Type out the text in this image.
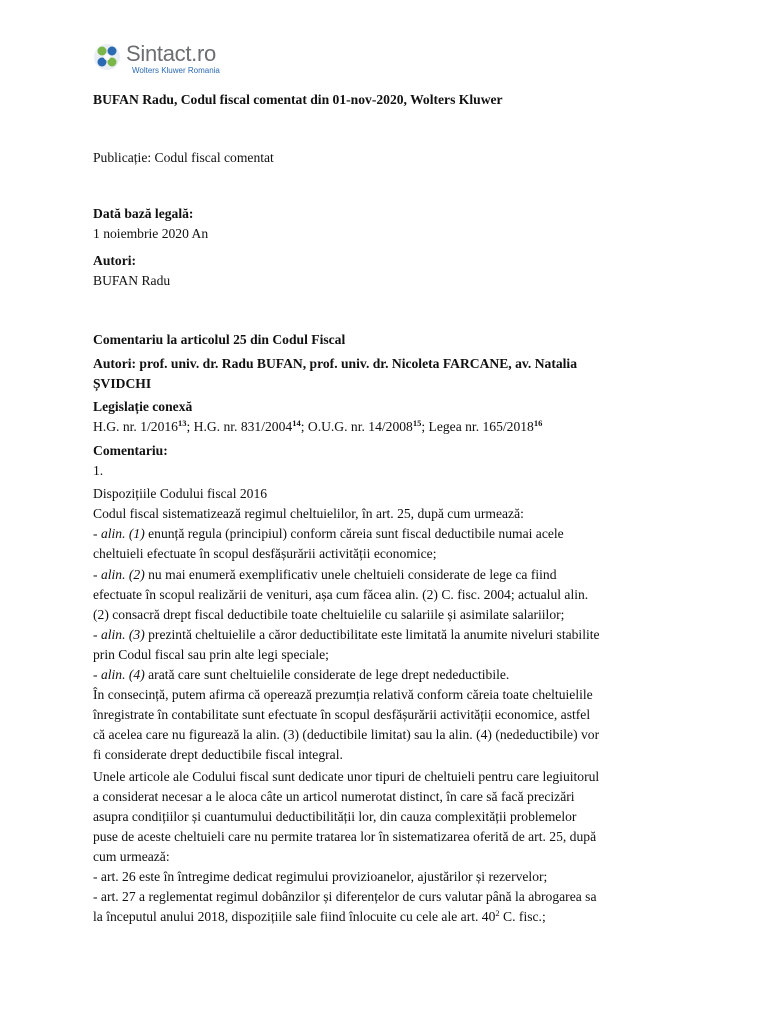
Sintact.ro
Wolters Kluwer Romania
BUFAN Radu, Codul fiscal comentat din 01-nov-2020, Wolters Kluwer
Publicație: Codul fiscal comentat
Dată bază legală:
1 noiembrie 2020 An
Autori:
BUFAN Radu
Comentariu la articolul 25 din Codul Fiscal
Autori: prof. univ. dr. Radu BUFAN, prof. univ. dr. Nicoleta FARCANE, av. Natalia
ȘVIDCHI
Legislație conexă
H.G. nr. 1/2016$^{13}$; H.G. nr. 831/2004$^{14}$; O.U.G. nr. 14/2008$^{15}$; Legea nr. 165/2018$^{16}$
Comentariu:
1.
Dispozițiile Codului fiscal 2016
Codul fiscal sistematizează regimul cheltuielilor, în art. 25, după cum urmează:
- alin. (1) enunță regula (principiul) conform căreia sunt fiscal deductibile numai acele
cheltuieli efectuate în scopul desfășurării activității economice;
- alin. (2) nu mai enumeră exemplificativ unele cheltuieli considerate de lege ca fiind
efectuate în scopul realizării de venituri, așa cum făcea alin. (2) C. fisc. 2004; actualul alin.
(2) consacră drept fiscal deductibile toate cheltuielile cu salariile și asimilate salariilor;
- alin. (3) prezintă cheltuielile a căror deductibilitate este limitată la anumite niveluri stabilite
prin Codul fiscal sau prin alte legi speciale;
- alin. (4) arată care sunt cheltuielile considerate de lege drept nedeductibile.
În consecință, putem afirma că operează prezumția relativă conform căreia toate cheltuielile
înregistrate în contabilitate sunt efectuate în scopul desfășurării activității economice, astfel
că acelea care nu figurează la alin. (3) (deductibile limitat) sau la alin. (4) (nedeductibile) vor
fi considerate drept deductibile fiscal integral.
Unele articole ale Codului fiscal sunt dedicate unor tipuri de cheltuieli pentru care legiuitorul
a considerat necesar a le aloca câte un articol numerotat distinct, în care să facă precizări
asupra condițiilor și cuantumului deductibilității lor, din cauza complexității problemelor
puse de aceste cheltuieli care nu permite tratarea lor în sistematizarea oferită de art. 25, după
cum urmează:
- art. 26 este în întregime dedicat regimului provizioanelor, ajustărilor și rezervelor;
- art. 27 a reglementat regimul dobânzilor și diferențelor de curs valutar până la abrogarea sa
la începutul anului 2018, dispozițiile sale fiind înlocuite cu cele ale art. $40^2$ C. fisc.;
